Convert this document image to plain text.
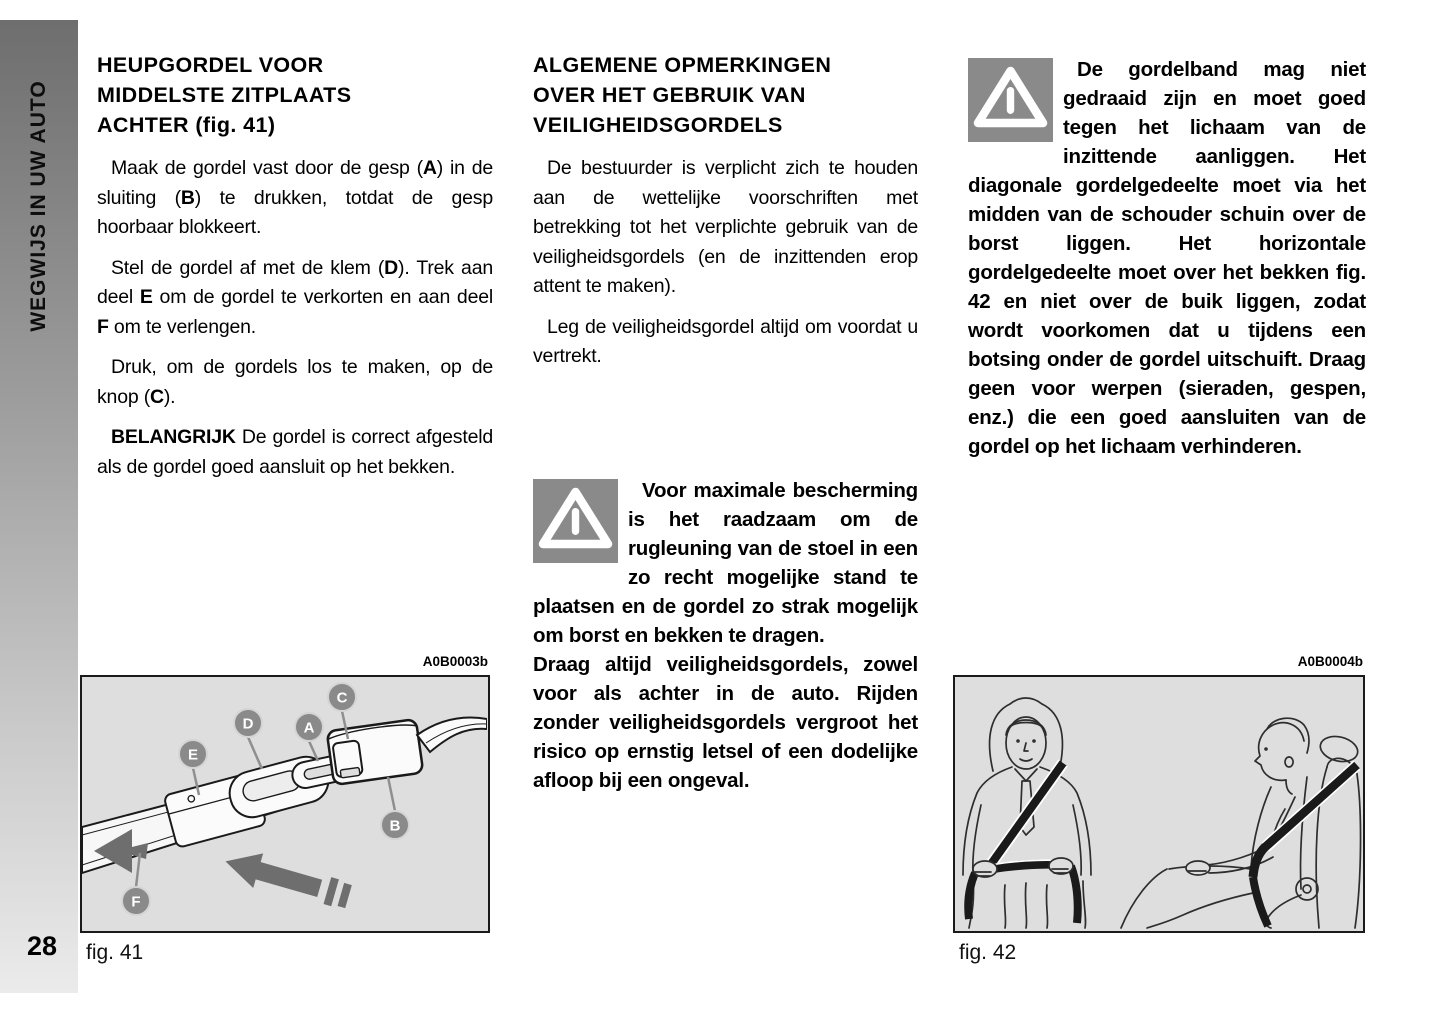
WEGWIJS IN UW AUTO
28
HEUPGORDEL VOOR
MIDDELSTE ZITPLAATS
ACHTER (fig. 41)

Maak de gordel vast door de gesp (A) in de sluiting (B) te drukken, totdat de gesp hoorbaar blokkeert.

Stel de gordel af met de klem (D). Trek aan deel E om de gordel te verkorten en aan deel F om te verlengen.

Druk, om de gordels los te maken, op de knop (C).

BELANGRIJK De gordel is correct afgesteld als de gordel goed aansluit op het bekken.

ALGEMENE OPMERKINGEN
OVER HET GEBRUIK VAN
VEILIGHEIDSGORDELS

De bestuurder is verplicht zich te houden aan de wettelijke voorschriften met betrekking tot het verplichte gebruik van de veiligheidsgordels (en de inzittenden erop attent te maken).

Leg de veiligheidsgordel altijd om voordat u vertrekt.

Voor maximale bescherming is het raadzaam om de rugleuning van de stoel in een zo recht mogelijke stand te plaatsen en de gordel zo strak mogelijk om borst en bekken te dragen.
Draag altijd veiligheidsgordels, zowel voor als achter in de auto. Rijden zonder veiligheidsgordels vergroot het risico op ernstig letsel of een dodelijke afloop bij een ongeval.

De gordelband mag niet gedraaid zijn en moet goed tegen het lichaam van de inzittende aanliggen. Het diagonale gordelgedeelte moet via het midden van de schouder schuin over de borst liggen. Het horizontale gordelgedeelte moet over het bekken fig. 42 en niet over de buik liggen, zodat wordt voorkomen dat u tijdens een botsing onder de gordel uitschuift. Draag geen voor werpen (sieraden, gespen, enz.) die een goed aansluiten van de gordel op het lichaam verhinderen.

A0B0003b
C
A
D
E
B
F
fig. 41
A0B0004b
fig. 42
